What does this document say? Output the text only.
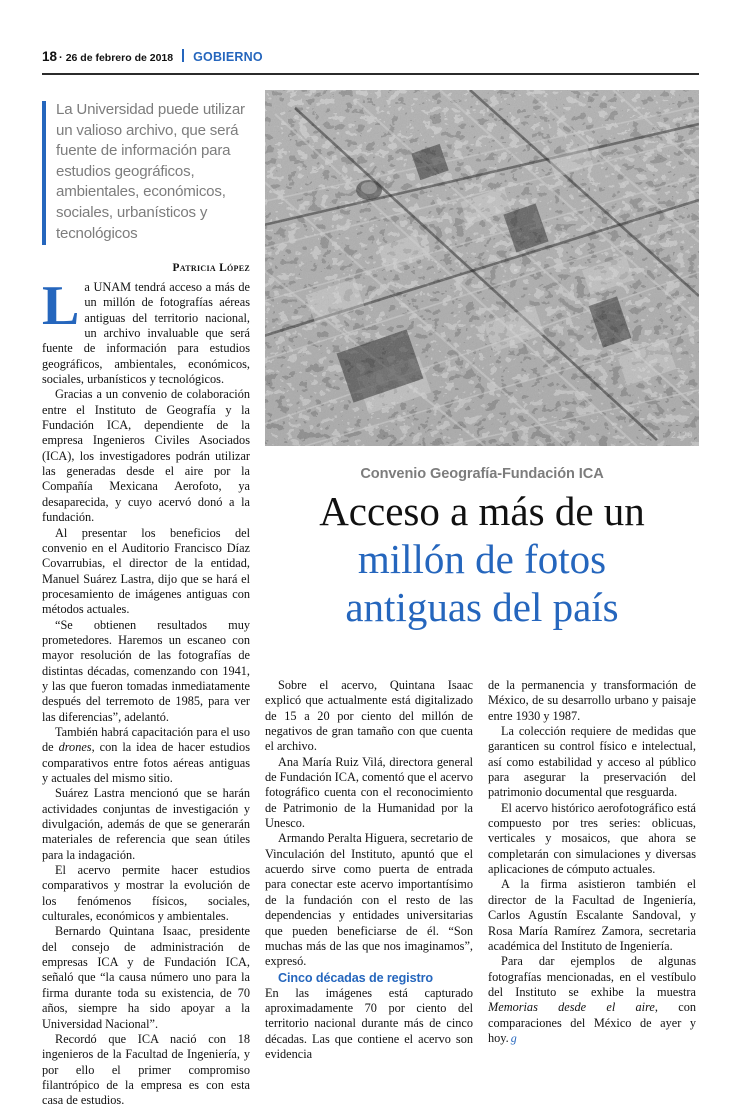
18 · 26 de febrero de 2018 GOBIERNO
La Universidad puede utilizar un valioso archivo, que será fuente de información para estudios geográficos, ambientales, económicos, sociales, urbanísticos y tecnológicos
Patricia López
2120
Convenio Geografía-Fundación ICA
Acceso a más de un
millón de fotos
antiguas del país

La UNAM tendrá acceso a más de un millón de fotografías aéreas antiguas del territorio nacional, un archivo invaluable que será fuente de información para estudios geográficos, ambientales, económicos, sociales, urbanísticos y tecnológicos.

Gracias a un convenio de colaboración entre el Instituto de Geografía y la Fundación ICA, dependiente de la empresa Ingenieros Civiles Asociados (ICA), los investigadores podrán utilizar las generadas desde el aire por la Compañía Mexicana Aerofoto, ya desaparecida, y cuyo acervó donó a la fundación.

Al presentar los beneficios del convenio en el Auditorio Francisco Díaz Covarrubias, el director de la entidad, Manuel Suárez Lastra, dijo que se hará el procesamiento de imágenes antiguas con métodos actuales.

“Se obtienen resultados muy prometedores. Haremos un escaneo con mayor resolución de las fotografías de distintas décadas, comenzando con 1941, y las que fueron tomadas inmediatamente después del terremoto de 1985, para ver las diferencias”, adelantó.

También habrá capacitación para el uso de drones, con la idea de hacer estudios comparativos entre fotos aéreas antiguas y actuales del mismo sitio.

Suárez Lastra mencionó que se harán actividades conjuntas de investigación y divulgación, además de que se generarán materiales de referencia que sean útiles para la indagación.

El acervo permite hacer estudios comparativos y mostrar la evolución de los fenómenos físicos, sociales, culturales, económicos y ambientales.

Bernardo Quintana Isaac, presidente del consejo de administración de empresas ICA y de Fundación ICA, señaló que “la causa número uno para la firma durante toda su existencia, de 70 años, siempre ha sido apoyar a la Universidad Nacional”.

Recordó que ICA nació con 18 ingenieros de la Facultad de Ingeniería, y por ello el primer compromiso filantrópico de la empresa es con esta casa de estudios.

Sobre el acervo, Quintana Isaac explicó que actualmente está digitalizado de 15 a 20 por ciento del millón de negativos de gran tamaño con que cuenta el archivo.

Ana María Ruiz Vilá, directora general de Fundación ICA, comentó que el acervo fotográfico cuenta con el reconocimiento de Patrimonio de la Humanidad por la Unesco.

Armando Peralta Higuera, secretario de Vinculación del Instituto, apuntó que el acuerdo sirve como puerta de entrada para conectar este acervo importantísimo de la fundación con el resto de las dependencias y entidades universitarias que pueden beneficiarse de él. “Son muchas más de las que nos imaginamos”, expresó.

Cinco décadas de registro

En las imágenes está capturado aproximadamente 70 por ciento del territorio nacional durante más de cinco décadas. Las que contiene el acervo son evidencia

de la permanencia y transformación de México, de su desarrollo urbano y paisaje entre 1930 y 1987.

La colección requiere de medidas que garanticen su control físico e intelectual, así como estabilidad y acceso al público para asegurar la preservación del patrimonio documental que resguarda.

El acervo histórico aerofotográfico está compuesto por tres series: oblicuas, verticales y mosaicos, que ahora se completarán con simulaciones y diversas aplicaciones de cómputo actuales.

A la firma asistieron también el director de la Facultad de Ingeniería, Carlos Agustín Escalante Sandoval, y Rosa María Ramírez Zamora, secretaria académica del Instituto de Ingeniería.

Para dar ejemplos de algunas fotografías mencionadas, en el vestíbulo del Instituto se exhibe la muestra Memorias desde el aire, con comparaciones del México de ayer y hoy. g
